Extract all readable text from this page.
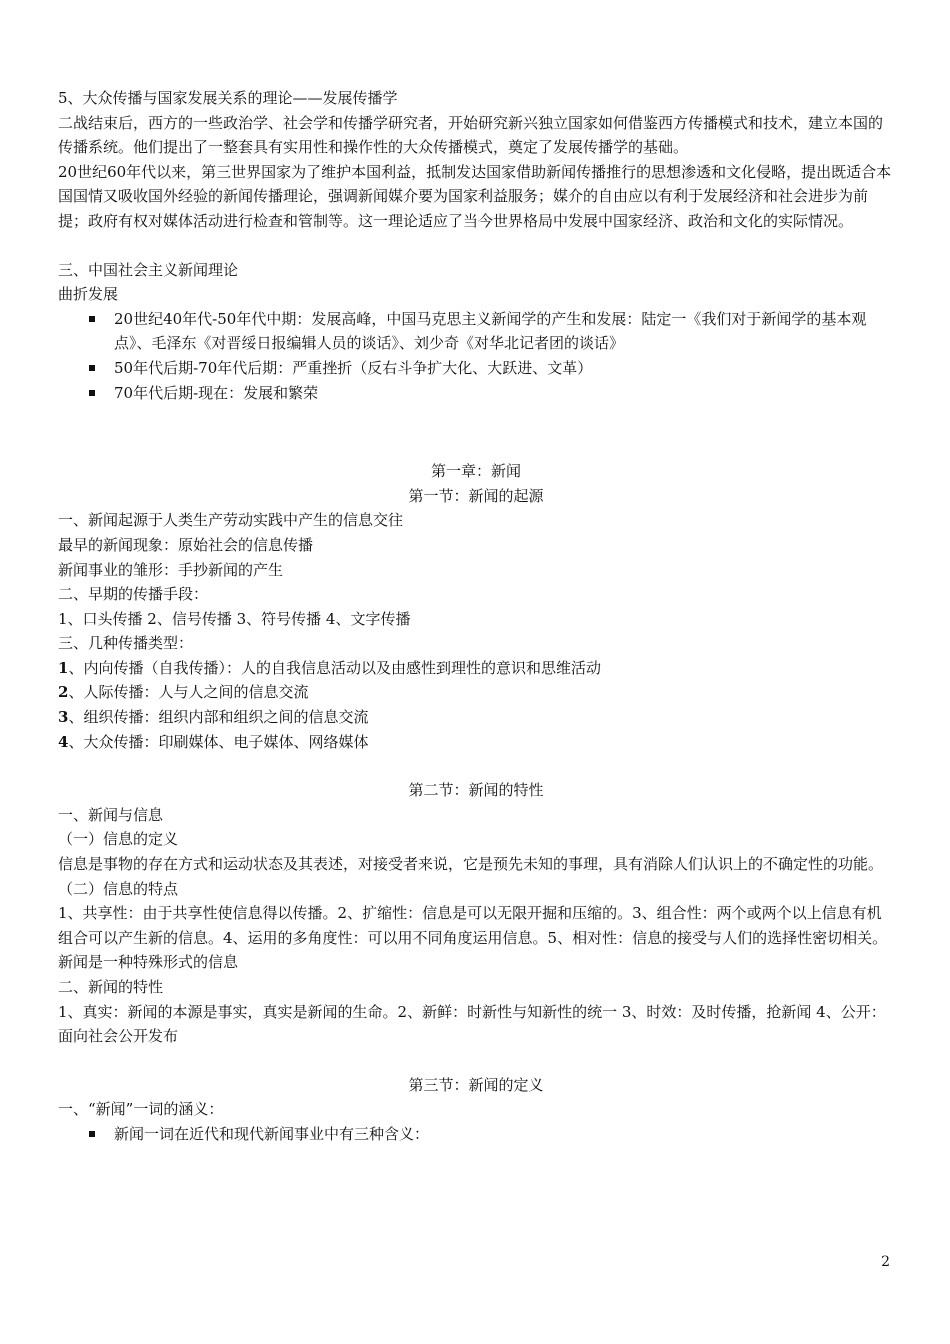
5、大众传播与国家发展关系的理论——发展传播学

二战结束后，西方的一些政治学、社会学和传播学研究者，开始研究新兴独立国家如何借鉴西方传播模式和技术，建立本国的传播系统。他们提出了一整套具有实用性和操作性的大众传播模式，奠定了发展传播学的基础。

20世纪60年代以来，第三世界国家为了维护本国利益，抵制发达国家借助新闻传播推行的思想渗透和文化侵略，提出既适合本国国情又吸收国外经验的新闻传播理论，强调新闻媒介要为国家利益服务；媒介的自由应以有利于发展经济和社会进步为前提；政府有权对媒体活动进行检查和管制等。这一理论适应了当今世界格局中发展中国家经济、政治和文化的实际情况。

三、中国社会主义新闻理论

曲折发展

20世纪40年代-50年代中期：发展高峰，中国马克思主义新闻学的产生和发展：陆定一《我们对于新闻学的基本观点》、毛泽东《对晋绥日报编辑人员的谈话》、刘少奇《对华北记者团的谈话》
50年代后期-70年代后期：严重挫折（反右斗争扩大化、大跃进、文革）
70年代后期-现在：发展和繁荣

第一章：新闻

第一节：新闻的起源

一、新闻起源于人类生产劳动实践中产生的信息交往

最早的新闻现象：原始社会的信息传播

新闻事业的雏形：手抄新闻的产生

二、早期的传播手段：

1、口头传播 2、信号传播 3、符号传播 4、文字传播

三、几种传播类型：

1、内向传播（自我传播）：人的自我信息活动以及由感性到理性的意识和思维活动

2、人际传播：人与人之间的信息交流

3、组织传播：组织内部和组织之间的信息交流

4、大众传播：印刷媒体、电子媒体、网络媒体

第二节：新闻的特性

一、新闻与信息

（一）信息的定义

信息是事物的存在方式和运动状态及其表述，对接受者来说，它是预先未知的事理，具有消除人们认识上的不确定性的功能。

（二）信息的特点

1、共享性：由于共享性使信息得以传播。2、扩缩性：信息是可以无限开掘和压缩的。3、组合性：两个或两个以上信息有机组合可以产生新的信息。4、运用的多角度性：可以用不同角度运用信息。5、相对性：信息的接受与人们的选择性密切相关。

新闻是一种特殊形式的信息

二、新闻的特性

1、真实：新闻的本源是事实，真实是新闻的生命。2、新鲜：时新性与知新性的统一 3、时效：及时传播，抢新闻 4、公开：面向社会公开发布

第三节：新闻的定义

一、“新闻”一词的涵义：

新闻一词在近代和现代新闻事业中有三种含义：
2
